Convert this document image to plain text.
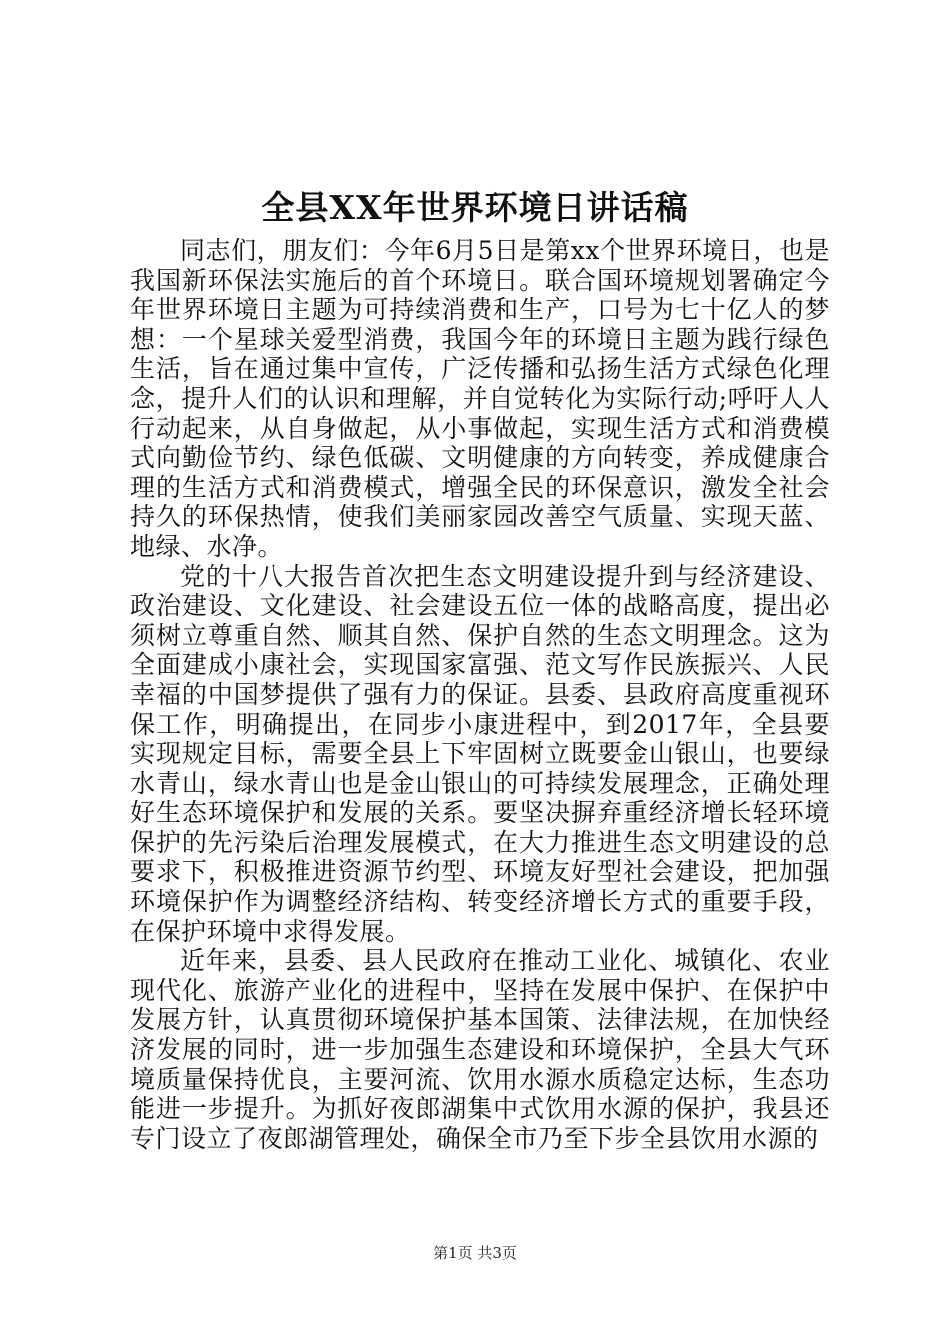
全县XX年世界环境日讲话稿

同志们，朋友们：今年6月5日是第xx个世界环境日，也是我国新环保法实施后的首个环境日。联合国环境规划署确定今年世界环境日主题为可持续消费和生产，口号为七十亿人的梦想：一个星球关爱型消费，我国今年的环境日主题为践行绿色生活，旨在通过集中宣传，广泛传播和弘扬生活方式绿色化理念，提升人们的认识和理解，并自觉转化为实际行动;呼吁人人行动起来，从自身做起，从小事做起，实现生活方式和消费模式向勤俭节约、绿色低碳、文明健康的方向转变，养成健康合理的生活方式和消费模式，增强全民的环保意识，激发全社会持久的环保热情，使我们美丽家园改善空气质量、实现天蓝、地绿、水净。

党的十八大报告首次把生态文明建设提升到与经济建设、政治建设、文化建设、社会建设五位一体的战略高度，提出必须树立尊重自然、顺其自然、保护自然的生态文明理念。这为全面建成小康社会，实现国家富强、范文写作民族振兴、人民幸福的中国梦提供了强有力的保证。县委、县政府高度重视环保工作，明确提出，在同步小康进程中，到2017年，全县要实现规定目标，需要全县上下牢固树立既要金山银山，也要绿水青山，绿水青山也是金山银山的可持续发展理念，正确处理好生态环境保护和发展的关系。要坚决摒弃重经济增长轻环境保护的先污染后治理发展模式，在大力推进生态文明建设的总要求下，积极推进资源节约型、环境友好型社会建设，把加强环境保护作为调整经济结构、转变经济增长方式的重要手段，在保护环境中求得发展。

近年来，县委、县人民政府在推动工业化、城镇化、农业现代化、旅游产业化的进程中，坚持在发展中保护、在保护中发展方针，认真贯彻环境保护基本国策、法律法规，在加快经济发展的同时，进一步加强生态建设和环境保护，全县大气环境质量保持优良，主要河流、饮用水源水质稳定达标，生态功能进一步提升。为抓好夜郎湖集中式饮用水源的保护，我县还专门设立了夜郎湖管理处，确保全市乃至下步全县饮用水源的

第1页 共3页
